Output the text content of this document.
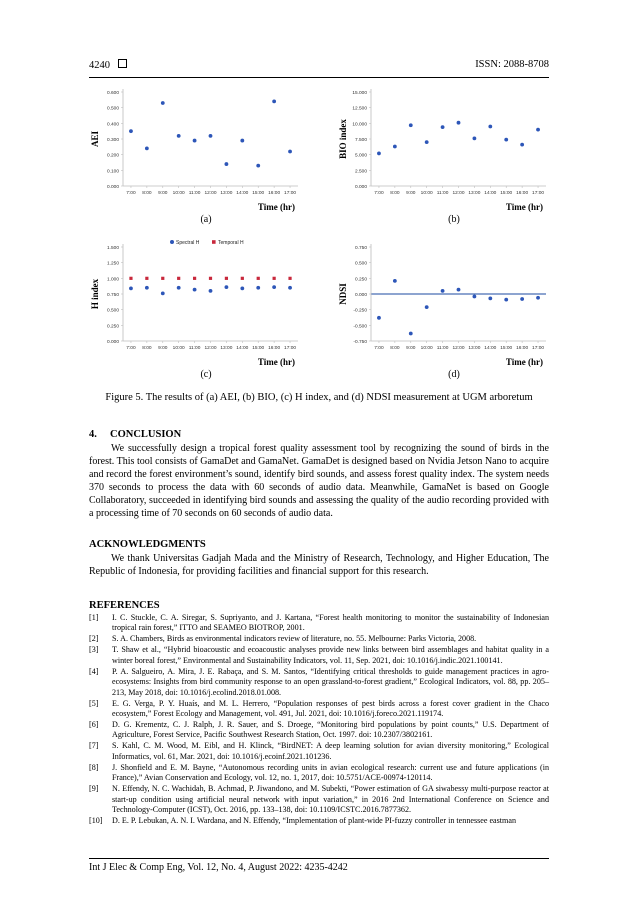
4240	ISSN: 2088-8708
0.000
0.100
0.200
0.300
0.400
0.500
0.600
7:00 8:00 9:00 10:00 11:00 12:00 13:00 14:00 15:00 16:00 17:00
AEI
Time (hr)
(a)
0.000
2.500
5.000
7.500
10.000
12.500
15.000
7:00 8:00 9:00 10:00 11:00 12:00 13:00 14:00 15:00 16:00 17:00
BIO index
Time (hr)
(b)
0.000
0.250
0.500
0.750
1.000
1.250
1.500
7:00 8:00 9:00 10:00 11:00 12:00 13:00 14:00 15:00 16:00 17:00
Spectral H	Temporal H
H index
Time (hr)
(c)
-0.750
-0.500
-0.250
0.000
0.250
0.500
0.750
7:00 8:00 9:00 10:00 11:00 12:00 13:00 14:00 15:00 16:00 17:00
NDSI
Time (hr)
(d)
Figure 5. The results of (a) AEI, (b) BIO, (c) H index, and (d) NDSI measurement at UGM arboretum
4.     CONCLUSION

We successfully design a tropical forest quality assessment tool by recognizing the sound of birds in the forest. This tool consists of GamaDet and GamaNet. GamaDet is designed based on Nvidia Jetson Nano to acquire and record the forest environment’s sound, identify bird sounds, and assess forest quality index. The system needs 370 seconds to process the data with 60 seconds of audio data. Meanwhile, GamaNet is based on Google Collaboratory, succeeded in identifying bird sounds and assessing the quality of the audio recording provided with a processing time of 70 seconds on 60 seconds of audio data.

ACKNOWLEDGMENTS

We thank Universitas Gadjah Mada and the Ministry of Research, Technology, and Higher Education, The Republic of Indonesia, for providing facilities and financial support for this research.

REFERENCES
[1] I. C. Stuckle, C. A. Siregar, S. Supriyanto, and J. Kartana, “Forest health monitoring to monitor the sustainability of Indonesian tropical rain forest,” ITTO and SEAMEO BIOTROP, 2001.
[2] S. A. Chambers, Birds as environmental indicators review of literature, no. 55. Melbourne: Parks Victoria, 2008.
[3] T. Shaw et al., “Hybrid bioacoustic and ecoacoustic analyses provide new links between bird assemblages and habitat quality in a winter boreal forest,” Environmental and Sustainability Indicators, vol. 11, Sep. 2021, doi: 10.1016/j.indic.2021.100141.
[4] P. A. Salgueiro, A. Mira, J. E. Rabaça, and S. M. Santos, “Identifying critical thresholds to guide management practices in agro-ecosystems: Insights from bird community response to an open grassland-to-forest gradient,” Ecological Indicators, vol. 88, pp. 205–213, May 2018, doi: 10.1016/j.ecolind.2018.01.008.
[5] E. G. Verga, P. Y. Huaís, and M. L. Herrero, “Population responses of pest birds across a forest cover gradient in the Chaco ecosystem,” Forest Ecology and Management, vol. 491, Jul. 2021, doi: 10.1016/j.foreco.2021.119174.
[6] D. G. Krementz, C. J. Ralph, J. R. Sauer, and S. Droege, “Monitoring bird populations by point counts,” U.S. Department of Agriculture, Forest Service, Pacific Southwest Research Station, Oct. 1997. doi: 10.2307/3802161.
[7] S. Kahl, C. M. Wood, M. Eibl, and H. Klinck, “BirdNET: A deep learning solution for avian diversity monitoring,” Ecological Informatics, vol. 61, Mar. 2021, doi: 10.1016/j.ecoinf.2021.101236.
[8] J. Shonfield and E. M. Bayne, “Autonomous recording units in avian ecological research: current use and future applications (in France),” Avian Conservation and Ecology, vol. 12, no. 1, 2017, doi: 10.5751/ACE-00974-120114.
[9] N. Effendy, N. C. Wachidah, B. Achmad, P. Jiwandono, and M. Subekti, “Power estimation of GA siwabessy multi-purpose reactor at start-up condition using artificial neural network with input variation,” in 2016 2nd International Conference on Science and Technology-Computer (ICST), Oct. 2016, pp. 133–138, doi: 10.1109/ICSTC.2016.7877362.
[10] D. E. P. Lebukan, A. N. I. Wardana, and N. Effendy, “Implementation of plant-wide PI-fuzzy controller in tennessee eastman
Int J Elec & Comp Eng, Vol. 12, No. 4, August 2022: 4235-4242
